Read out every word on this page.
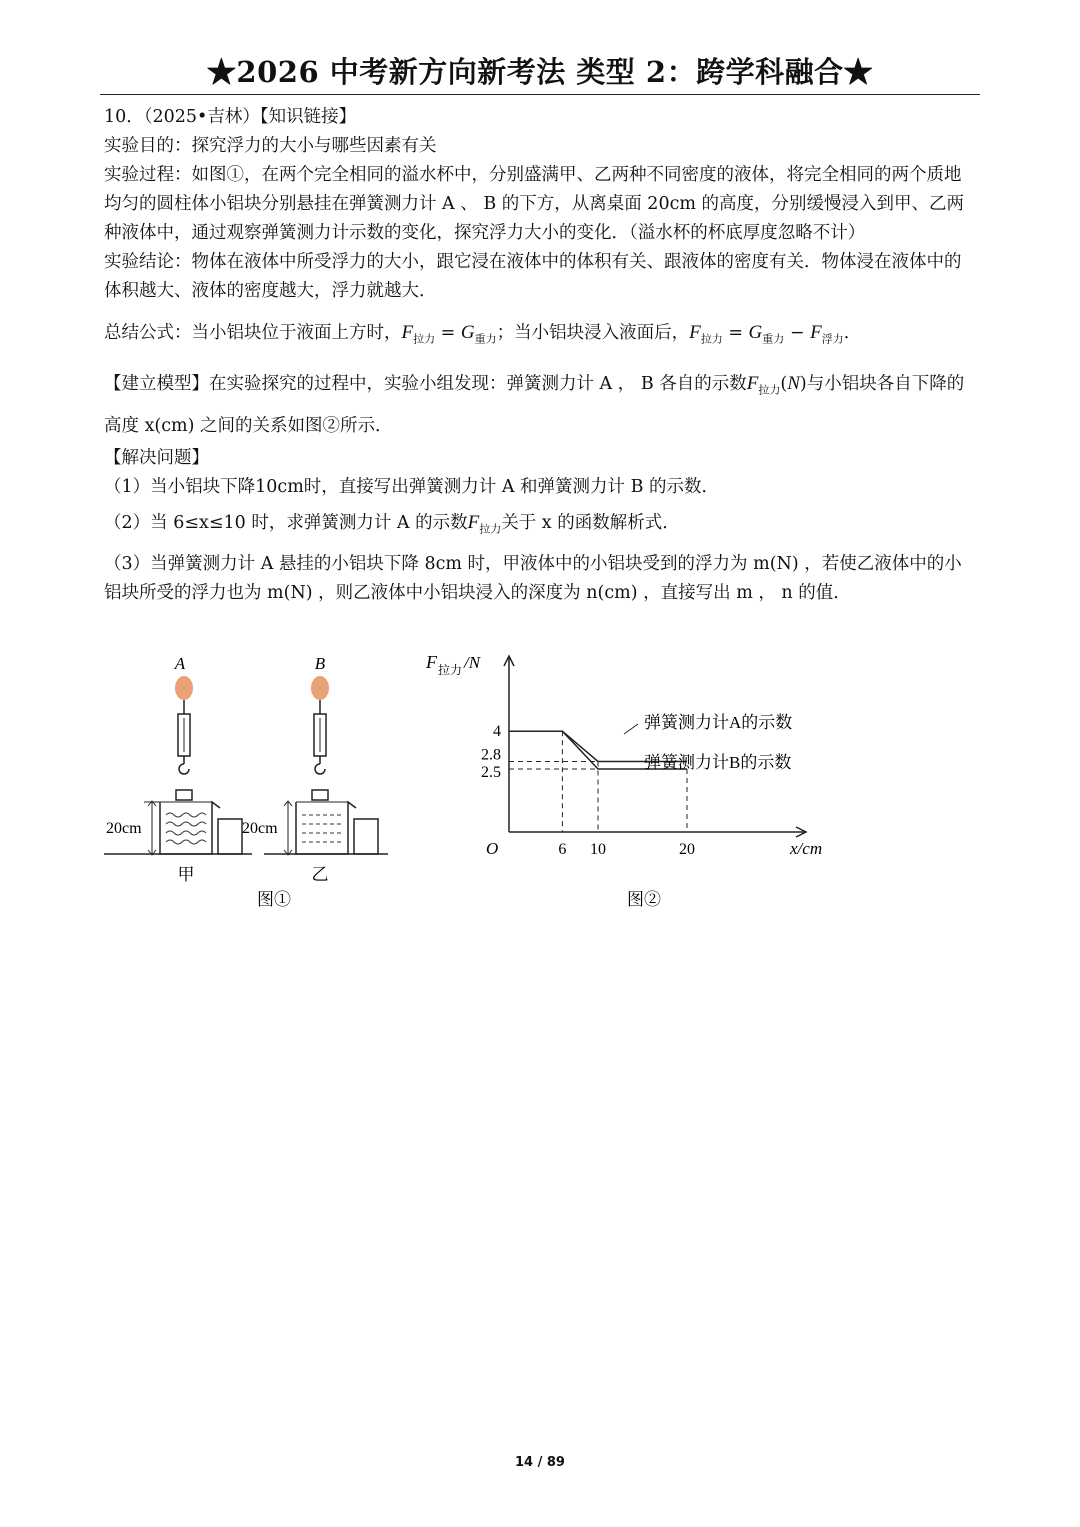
★2026 中考新方向新考法 类型 2：跨学科融合★

10．（2025•吉林）【知识链接】

实验目的：探究浮力的大小与哪些因素有关

实验过程：如图①，在两个完全相同的溢水杯中，分别盛满甲、乙两种不同密度的液体，将完全相同的两个质地均匀的圆柱体小铝块分别悬挂在弹簧测力计 A 、 B 的下方，从离桌面 20cm 的高度，分别缓慢浸入到甲、乙两种液体中，通过观察弹簧测力计示数的变化，探究浮力大小的变化．（溢水杯的杯底厚度忽略不计）

实验结论：物体在液体中所受浮力的大小，跟它浸在液体中的体积有关、跟液体的密度有关．物体浸在液体中的体积越大、液体的密度越大，浮力就越大．

总结公式：当小铝块位于液面上方时，$F_{拉力} = G_{重力}$；当小铝块浸入液面后，$F_{拉力} = G_{重力} - F_{浮力}$．

【建立模型】在实验探究的过程中，实验小组发现：弹簧测力计 A ， B 各自的示数$F_{拉力}(N)$与小铝块各自下降的高度 x(cm) 之间的关系如图②所示．

【解决问题】

（1）当小铝块下降10cm时，直接写出弹簧测力计 A 和弹簧测力计 B 的示数．

（2）当 6≤x≤10 时，求弹簧测力计 A 的示数$F_{拉力}$关于 x 的函数解析式．

（3）当弹簧测力计 A 悬挂的小铝块下降 8cm 时，甲液体中的小铝块受到的浮力为 m(N) ，若使乙液体中的小铝块所受的浮力也为 m(N) ，则乙液体中小铝块浸入的深度为 n(cm) ，直接写出 m ， n 的值．

A	B
20cm
甲
20cm
乙
图①
F 拉力 /N
x/cm
O
图②
6 10	20
2.5
2.8
4	弹簧测力计A的示数
弹簧测力计B的示数
14 / 89
